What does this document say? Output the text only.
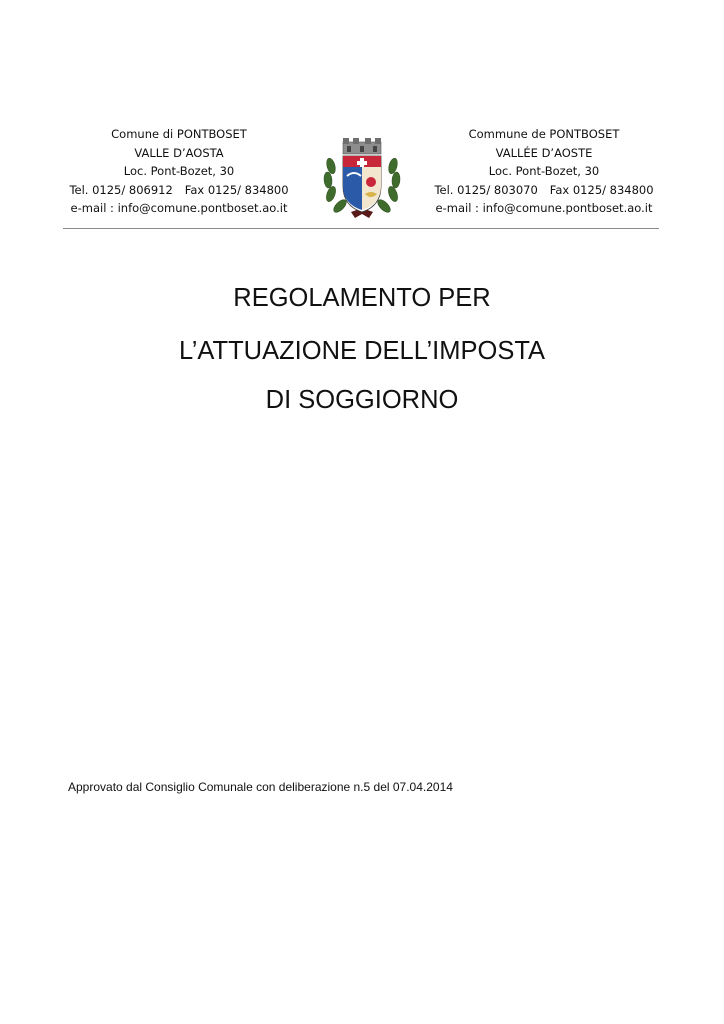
Comune di PONTBOSET
VALLE D’AOSTA
Loc. Pont-Bozet, 30
Tel. 0125/ 806912 Fax 0125/ 834800
e-mail : info@comune.pontboset.ao.it
Commune de PONTBOSET
VALLÉE D’AOSTE
Loc. Pont-Bozet, 30
Tel. 0125/ 803070 Fax 0125/ 834800
e-mail : info@comune.pontboset.ao.it
REGOLAMENTO PER
L’ATTUAZIONE DELL’IMPOSTA
DI SOGGIORNO
Approvato dal Consiglio Comunale con deliberazione n.5 del 07.04.2014
